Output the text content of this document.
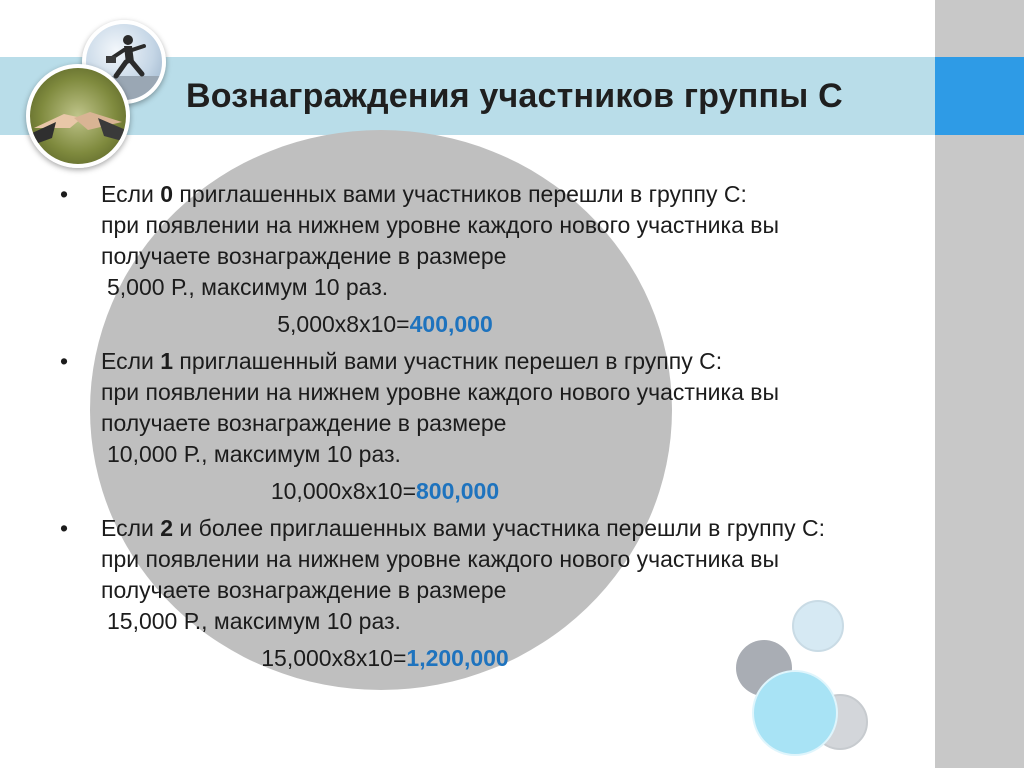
Вознаграждения участников группы С
• Если 0 приглашенных вами участников перешли в группу С:
при появлении на нижнем уровне каждого нового участника вы
получаете вознаграждение в размере
5,000 Р., максимум 10 раз.
5,000x8x10=400,000
• Если 1 приглашенный вами участник перешел в группу С:
при появлении на нижнем уровне каждого нового участника вы
получаете вознаграждение в размере
10,000 Р., максимум 10 раз.
10,000x8x10=800,000
• Если 2 и более приглашенных вами участника перешли в группу С:
при появлении на нижнем уровне каждого нового участника вы
получаете вознаграждение в размере
15,000 Р., максимум 10 раз.
15,000x8x10=1,200,000
